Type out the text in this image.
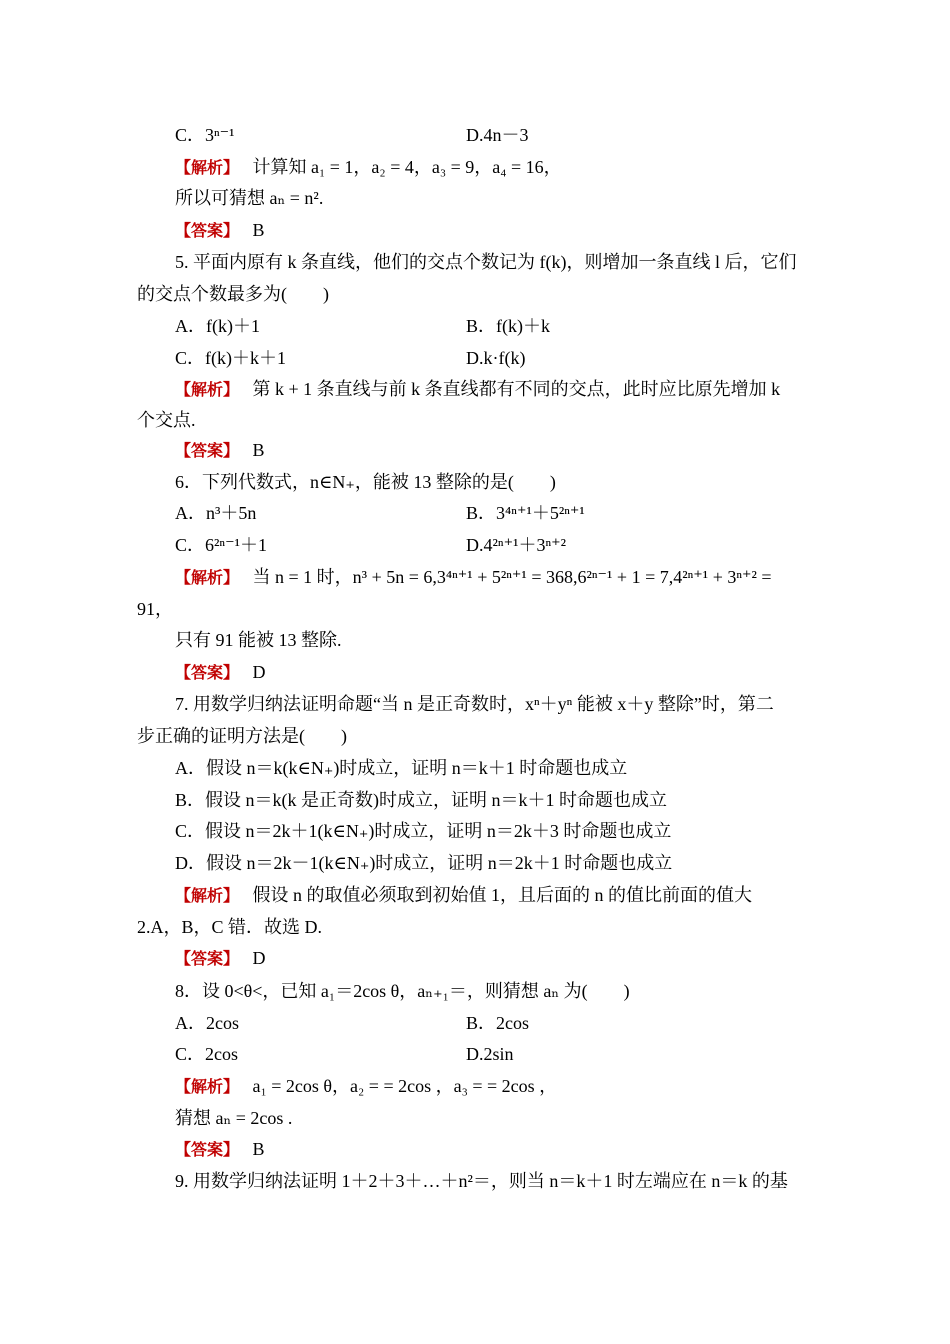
C．3ⁿ⁻¹	D.4n－3
【解析】 计算知 a₁ = 1，a₂ = 4，a₃ = 9，a₄ = 16，
所以可猜想 aₙ = n².
【答案】 B
5. 平面内原有 k 条直线，他们的交点个数记为 f(k)，则增加一条直线 l 后，它们
的交点个数最多为(　　)
A．f(k)＋1	B．f(k)＋k
C．f(k)＋k＋1	D.k·f(k)
【解析】 第 k + 1 条直线与前 k 条直线都有不同的交点，此时应比原先增加 k
个交点.
【答案】 B
6．下列代数式，n∈N₊，能被 13 整除的是(　　)
A．n³＋5n	B．3⁴ⁿ⁺¹＋5²ⁿ⁺¹
C．6²ⁿ⁻¹＋1	D.4²ⁿ⁺¹＋3ⁿ⁺²
【解析】 当 n = 1 时，n³ + 5n = 6,3⁴ⁿ⁺¹ + 5²ⁿ⁺¹ = 368,6²ⁿ⁻¹ + 1 = 7,4²ⁿ⁺¹ + 3ⁿ⁺² =
91，
只有 91 能被 13 整除.
【答案】 D
7. 用数学归纳法证明命题“当 n 是正奇数时，xⁿ＋yⁿ 能被 x＋y 整除”时，第二
步正确的证明方法是(　　)
A．假设 n＝k(k∈N₊)时成立，证明 n＝k＋1 时命题也成立
B．假设 n＝k(k 是正奇数)时成立，证明 n＝k＋1 时命题也成立
C．假设 n＝2k＋1(k∈N₊)时成立，证明 n＝2k＋3 时命题也成立
D．假设 n＝2k－1(k∈N₊)时成立，证明 n＝2k＋1 时命题也成立
【解析】 假设 n 的取值必须取到初始值 1，且后面的 n 的值比前面的值大
2.A，B，C 错．故选 D.
【答案】 D
8．设 0<θ<，已知 a₁＝2cos θ，aₙ₊₁＝，则猜想 aₙ 为(　　)
A．2cos	B．2cos
C．2cos	D.2sin
【解析】 a₁ = 2cos θ，a₂ = = 2cos ，a₃ = = 2cos ，
猜想 aₙ = 2cos .
【答案】 B
9. 用数学归纳法证明 1＋2＋3＋…＋n²＝，则当 n＝k＋1 时左端应在 n＝k 的基
